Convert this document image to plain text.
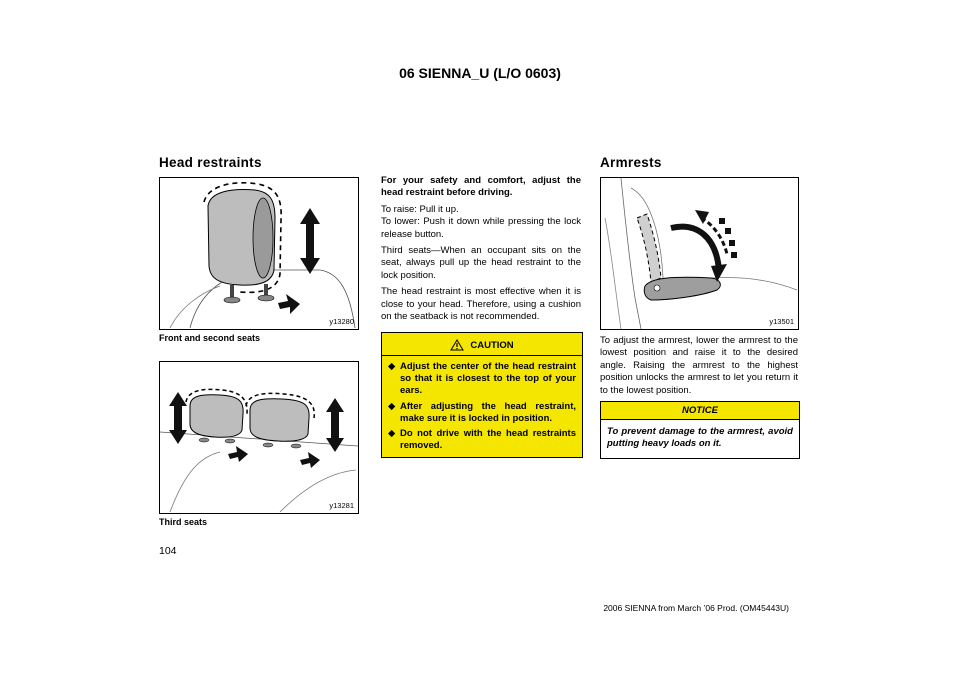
06 SIENNA_U (L/O 0603)
Head restraints
y13280
Front and second seats
y13281
Third seats

For your safety and comfort, adjust the head restraint before driving.

To raise: Pull it up.

To lower: Push it down while pressing the lock release button.

Third seats—When an occupant sits on the seat, always pull up the head restraint to the lock position.

The head restraint is most effective when it is close to your head. Therefore, using a cushion on the seatback is not recommended.

CAUTION
◆ Adjust the center of the head restraint so that it is closest to the top of your ears.
◆ After adjusting the head restraint, make sure it is locked in position.
◆ Do not drive with the head restraints removed.
Armrests
y13501

To adjust the armrest, lower the armrest to the lowest position and raise it to the desired angle. Raising the armrest to the highest position unlocks the armrest to let you return it to the lowest position.

NOTICE
To prevent damage to the armrest, avoid putting heavy loads on it.
104
2006 SIENNA from March ’06 Prod. (OM45443U)
